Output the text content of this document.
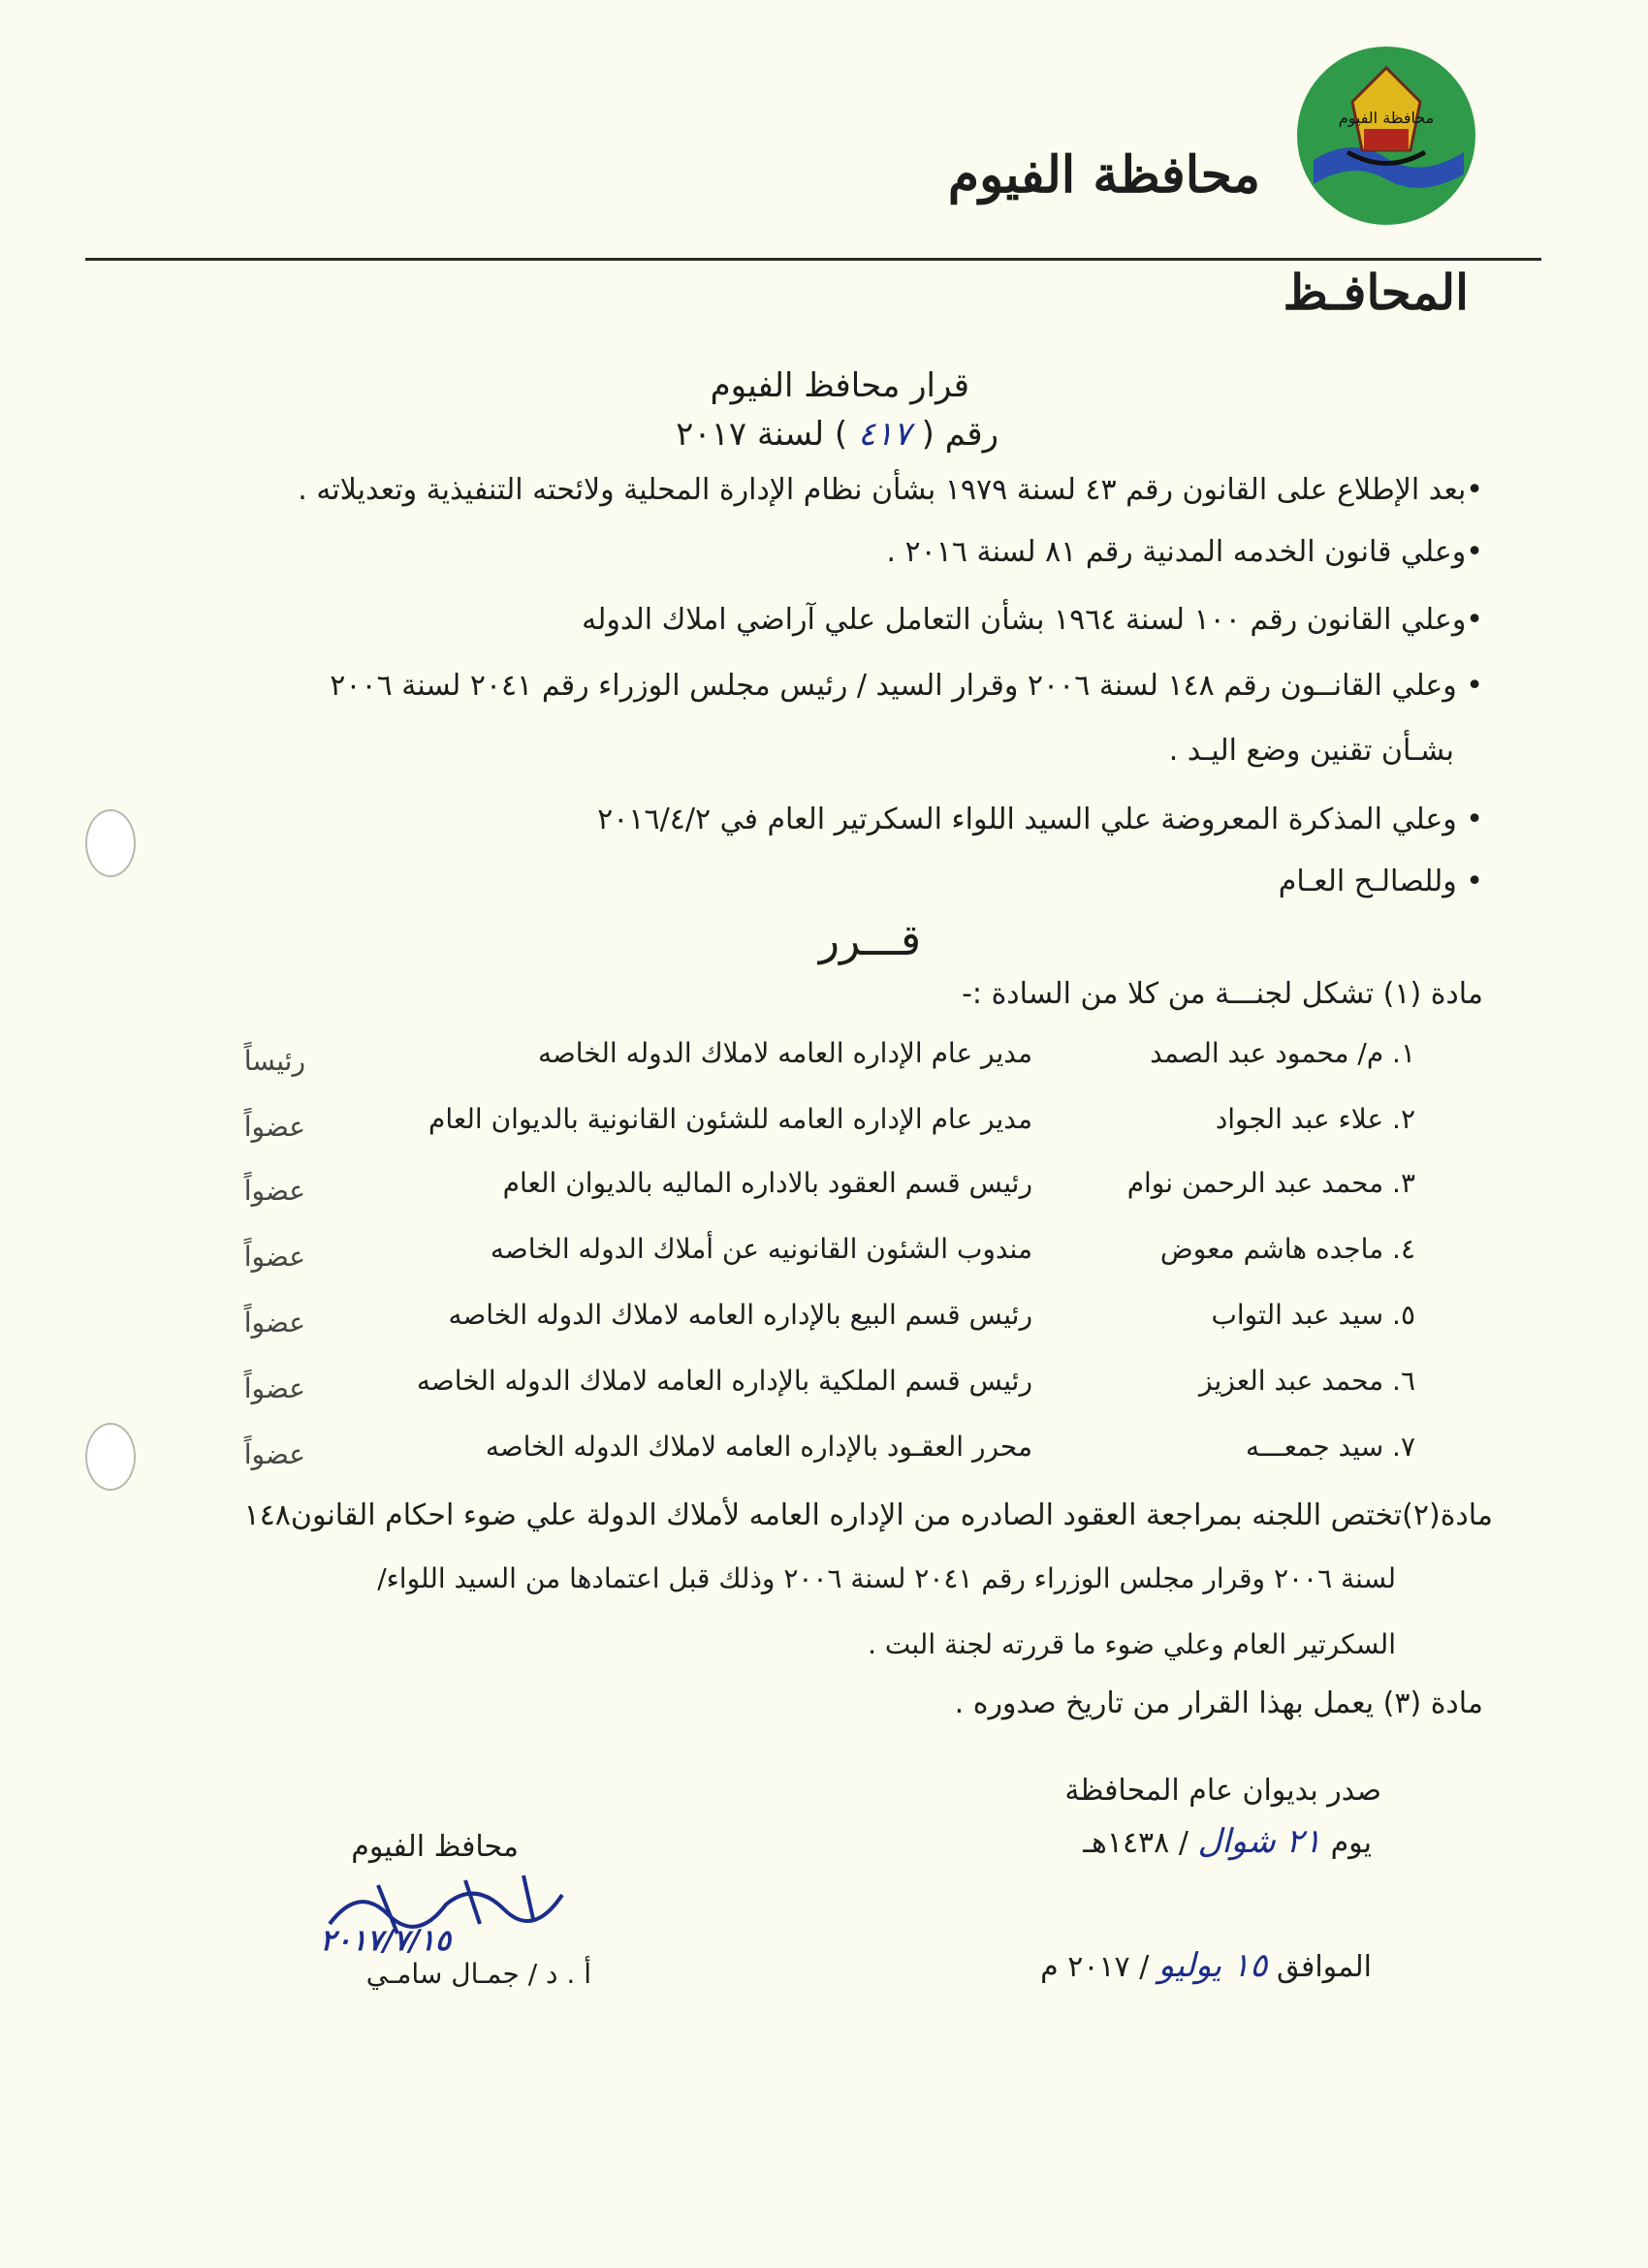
محافظة الفيوم
محافظة الفيوم
المحافـظ
قرار محافظ الفيوم
رقم ( ٤١٧ ) لسنة ٢٠١٧
•بعد الإطلاع على القانون رقم ٤٣ لسنة ١٩٧٩ بشأن نظام الإدارة المحلية ولائحته التنفيذية وتعديلاته .
•وعلي قانون الخدمه المدنية رقم ٨١ لسنة ٢٠١٦ .
•وعلي القانون رقم ١٠٠ لسنة ١٩٦٤ بشأن التعامل علي آراضي املاك الدوله
• وعلي القانــون رقم ١٤٨ لسنة ٢٠٠٦ وقرار السيد / رئيس مجلس الوزراء رقم ٢٠٤١ لسنة ٢٠٠٦
بشـأن تقنين وضع اليـد .
• وعلي المذكرة المعروضة علي السيد اللواء السكرتير العام في ٢٠١٦/٤/٢
• وللصالـح العـام
قـــرر
مادة (١) تشكل لجنـــة من كلا من السادة :-
١. م/ محمود عبد الصمد
مدير عام الإداره العامه لاملاك الدوله الخاصه
رئيساً
٢. علاء عبد الجواد
مدير عام الإداره العامه للشئون القانونية بالديوان العام
عضواً
٣. محمد عبد الرحمن نوام
رئيس قسم العقود بالاداره الماليه بالديوان العام
عضواً
٤. ماجده هاشم معوض
مندوب الشئون القانونيه عن أملاك الدوله الخاصه
عضواً
٥. سيد عبد التواب
رئيس قسم البيع بالإداره العامه لاملاك الدوله الخاصه
عضواً
٦. محمد عبد العزيز
رئيس قسم الملكية بالإداره العامه لاملاك الدوله الخاصه
عضواً
٧. سيد جمعـــه
محرر العقـود بالإداره العامه لاملاك الدوله الخاصه
عضواً
مادة(٢)تختص اللجنه بمراجعة العقود الصادره من الإداره العامه لأملاك الدولة علي ضوء احكام القانون١٤٨
لسنة ٢٠٠٦ وقرار مجلس الوزراء رقم ٢٠٤١ لسنة ٢٠٠٦ وذلك قبل اعتمادها من السيد اللواء/
السكرتير العام وعلي ضوء ما قررته لجنة البت .
مادة (٣) يعمل بهذا القرار من تاريخ صدوره .
صدر بديوان عام المحافظة
يوم ٢١ شوال / ١٤٣٨هـ
الموافق ١٥ يوليو / ٢٠١٧ م
محافظ الفيوم
٢٠١٧/٧/١٥
أ . د / جمـال سامـي
